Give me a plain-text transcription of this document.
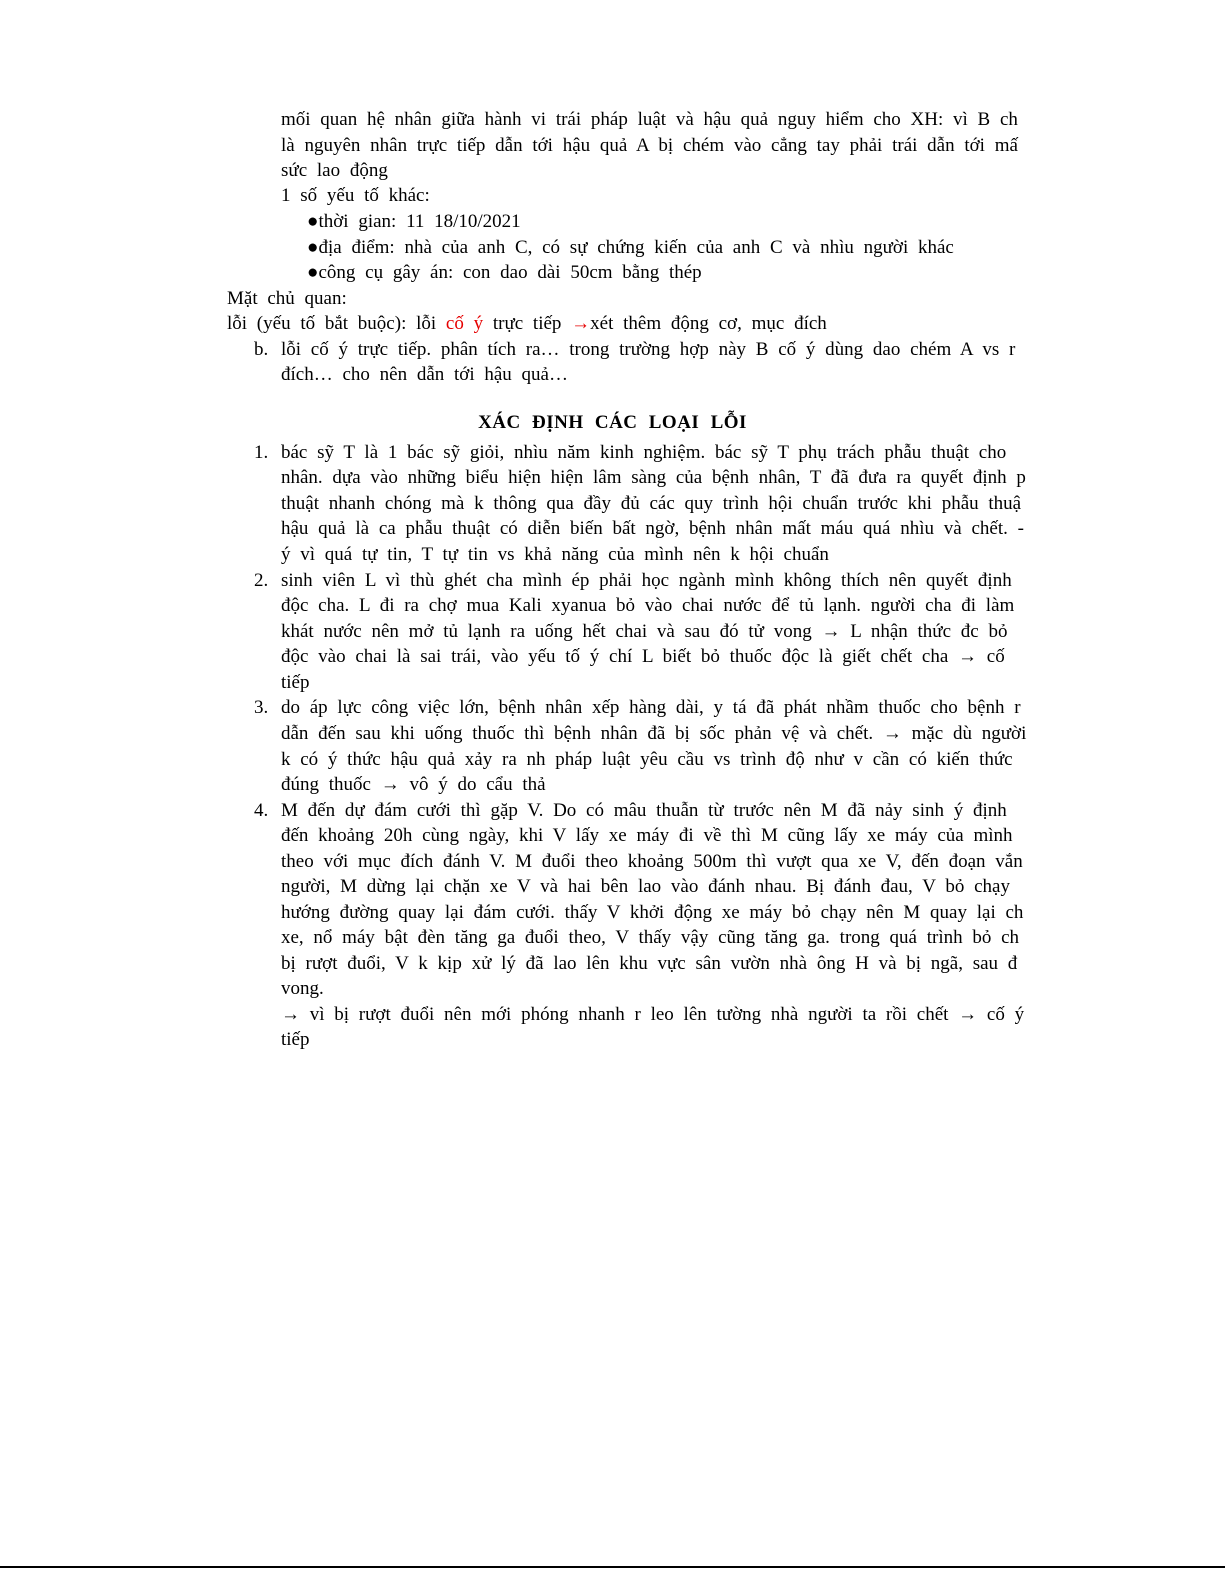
mối quan hệ nhân giữa hành vi trái pháp luật và hậu quả nguy hiểm cho XH: vì B ch
là nguyên nhân trực tiếp dẫn tới hậu quả A bị chém vào cẳng tay phải trái dẫn tới mấ
sức lao động
1 số yếu tố khác:
●thời gian: 11 18/10/2021
●địa điểm: nhà của anh C, có sự chứng kiến của anh C và nhìu người khác
●công cụ gây án: con dao dài 50cm bằng thép
Mặt chủ quan:
lỗi (yếu tố bắt buộc): lỗi cố ý trực tiếp →xét thêm động cơ, mục đích
b. lỗi cố ý trực tiếp. phân tích ra… trong trường hợp này B cố ý dùng dao chém A vs r
đích… cho nên dẫn tới hậu quả…
1. bác sỹ T là 1 bác sỹ giỏi, nhìu năm kinh nghiệm. bác sỹ T phụ trách phẫu thuật cho
nhân. dựa vào những biểu hiện hiện lâm sàng của bệnh nhân, T đã đưa ra quyết định p
thuật nhanh chóng mà k thông qua đầy đủ các quy trình hội chuẩn trước khi phẫu thuậ
hậu quả là ca phẫu thuật có diễn biến bất ngờ, bệnh nhân mất máu quá nhìu và chết. -
ý vì quá tự tin, T tự tin vs khả năng của mình nên k hội chuẩn
2. sinh viên L vì thù ghét cha mình ép phải học ngành mình không thích nên quyết định
độc cha. L đi ra chợ mua Kali xyanua bỏ vào chai nước để tủ lạnh. người cha đi làm
khát nước nên mở tủ lạnh ra uống hết chai và sau đó tử vong → L nhận thức đc bỏ
độc vào chai là sai trái, vào yếu tố ý chí L biết bỏ thuốc độc là giết chết cha → cố
tiếp
3. do áp lực công việc lớn, bệnh nhân xếp hàng dài, y tá đã phát nhầm thuốc cho bệnh r
dẫn đến sau khi uống thuốc thì bệnh nhân đã bị sốc phản vệ và chết. → mặc dù người
k có ý thức hậu quả xảy ra nh pháp luật yêu cầu vs trình độ như v cần có kiến thức
đúng thuốc → vô ý do cẩu thả
4. M đến dự đám cưới thì gặp V. Do có mâu thuẫn từ trước nên M đã nảy sinh ý định
đến khoảng 20h cùng ngày, khi V lấy xe máy đi về thì M cũng lấy xe máy của mình
theo với mục đích đánh V. M đuổi theo khoảng 500m thì vượt qua xe V, đến đoạn vắn
người, M dừng lại chặn xe V và hai bên lao vào đánh nhau. Bị đánh đau, V bỏ chạy
hướng đường quay lại đám cưới. thấy V khởi động xe máy bỏ chạy nên M quay lại ch
xe, nổ máy bật đèn tăng ga đuổi theo, V thấy vậy cũng tăng ga. trong quá trình bỏ ch
bị rượt đuổi, V k kịp xử lý đã lao lên khu vực sân vườn nhà ông H và bị ngã, sau đ
vong.
→ vì bị rượt đuổi nên mới phóng nhanh r leo lên tường nhà người ta rồi chết → cố ý
tiếp
XÁC ĐỊNH CÁC LOẠI LỖI
